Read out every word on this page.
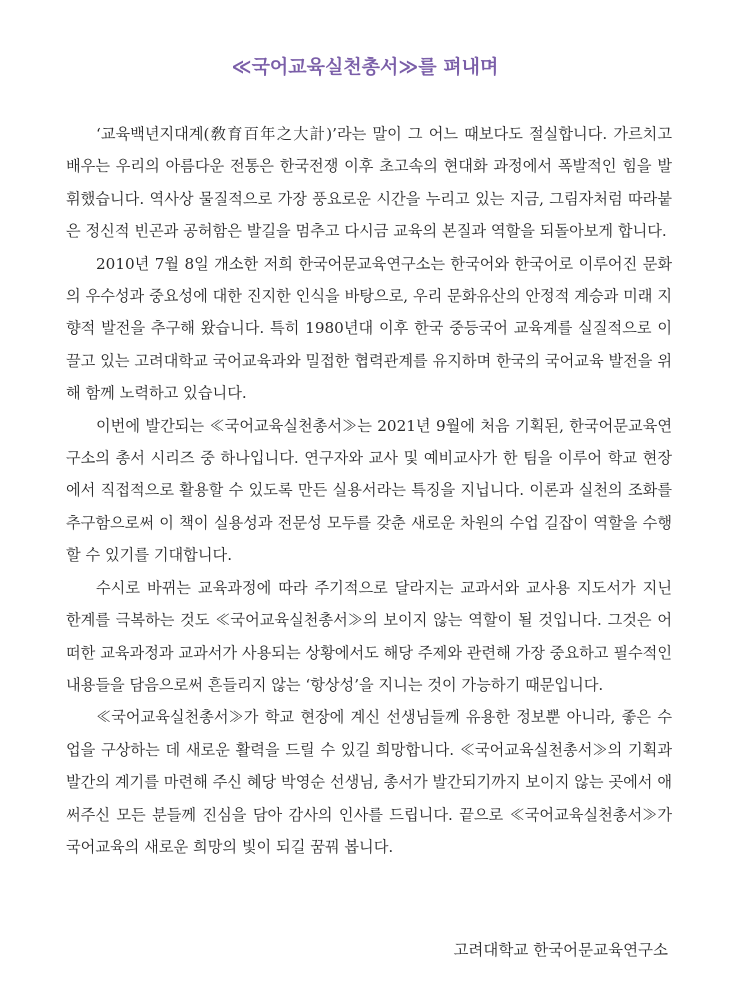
≪국어교육실천총서≫를 펴내며

‘교육백년지대계(敎育百年之大計)’라는 말이 그 어느 때보다도 절실합니다. 가르치고 배우는 우리의 아름다운 전통은 한국전쟁 이후 초고속의 현대화 과정에서 폭발적인 힘을 발휘했습니다. 역사상 물질적으로 가장 풍요로운 시간을 누리고 있는 지금, 그림자처럼 따라붙은 정신적 빈곤과 공허함은 발길을 멈추고 다시금 교육의 본질과 역할을 되돌아보게 합니다.

2010년 7월 8일 개소한 저희 한국어문교육연구소는 한국어와 한국어로 이루어진 문화의 우수성과 중요성에 대한 진지한 인식을 바탕으로, 우리 문화유산의 안정적 계승과 미래 지향적 발전을 추구해 왔습니다. 특히 1980년대 이후 한국 중등국어 교육계를 실질적으로 이끌고 있는 고려대학교 국어교육과와 밀접한 협력관계를 유지하며 한국의 국어교육 발전을 위해 함께 노력하고 있습니다.

이번에 발간되는 ≪국어교육실천총서≫는 2021년 9월에 처음 기획된, 한국어문교육연구소의 총서 시리즈 중 하나입니다. 연구자와 교사 및 예비교사가 한 팀을 이루어 학교 현장에서 직접적으로 활용할 수 있도록 만든 실용서라는 특징을 지닙니다. 이론과 실천의 조화를 추구함으로써 이 책이 실용성과 전문성 모두를 갖춘 새로운 차원의 수업 길잡이 역할을 수행할 수 있기를 기대합니다.

수시로 바뀌는 교육과정에 따라 주기적으로 달라지는 교과서와 교사용 지도서가 지닌 한계를 극복하는 것도 ≪국어교육실천총서≫의 보이지 않는 역할이 될 것입니다. 그것은 어떠한 교육과정과 교과서가 사용되는 상황에서도 해당 주제와 관련해 가장 중요하고 필수적인 내용들을 담음으로써 흔들리지 않는 ‘항상성’을 지니는 것이 가능하기 때문입니다.

≪국어교육실천총서≫가 학교 현장에 계신 선생님들께 유용한 정보뿐 아니라, 좋은 수업을 구상하는 데 새로운 활력을 드릴 수 있길 희망합니다. ≪국어교육실천총서≫의 기획과 발간의 계기를 마련해 주신 혜당 박영순 선생님, 총서가 발간되기까지 보이지 않는 곳에서 애써주신 모든 분들께 진심을 담아 감사의 인사를 드립니다. 끝으로 ≪국어교육실천총서≫가 국어교육의 새로운 희망의 빛이 되길 꿈꿔 봅니다.

고려대학교 한국어문교육연구소
